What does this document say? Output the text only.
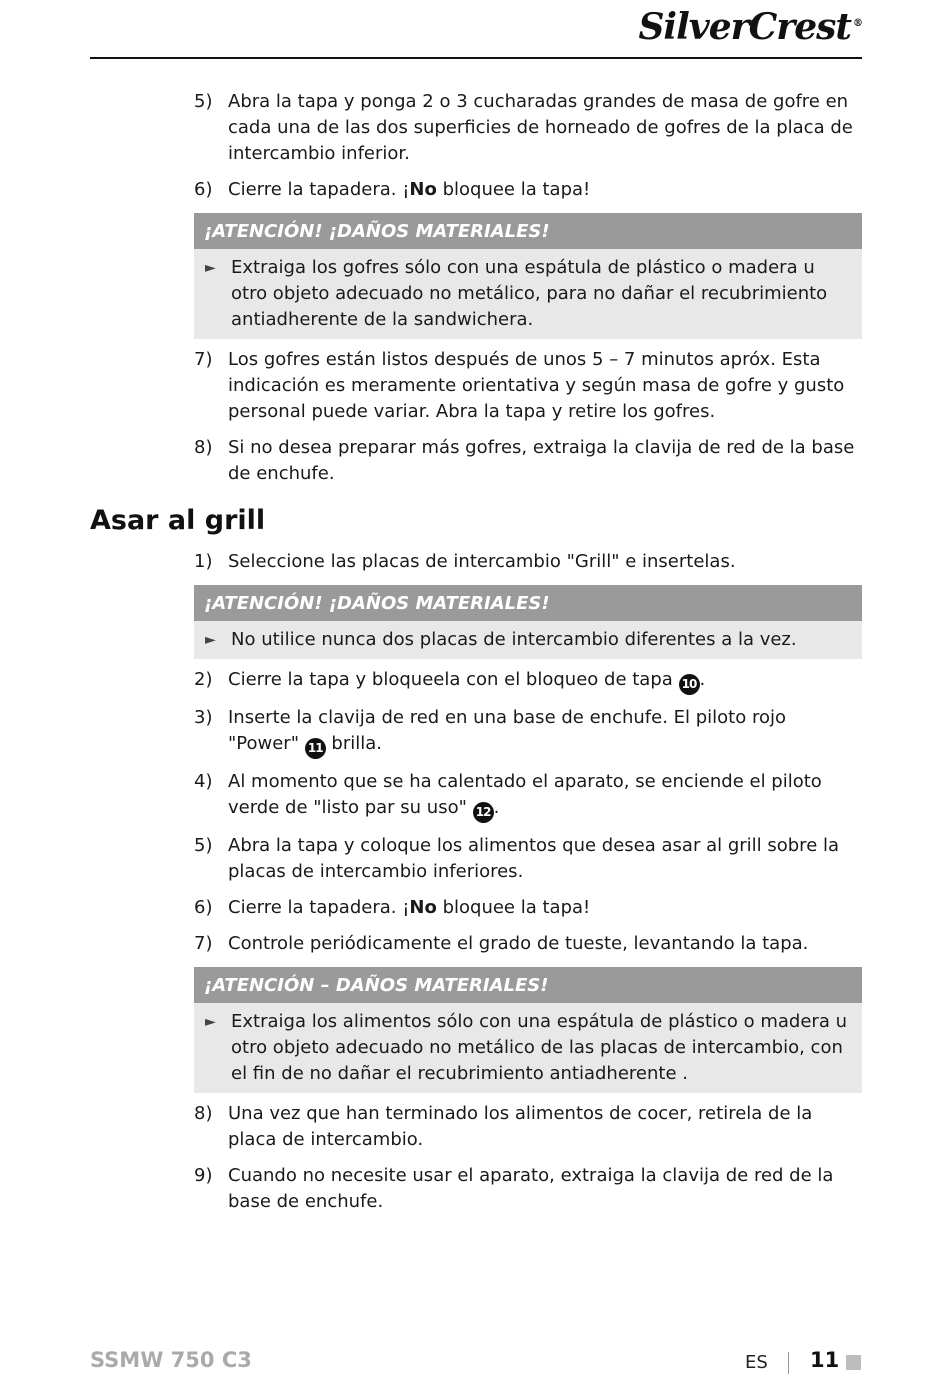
SilverCrest ®
5) Abra la tapa y ponga 2 o 3 cucharadas grandes de masa de gofre en cada una de las dos superficies de horneado de gofres de la placa de intercambio inferior.
6) Cierre la tapadera. ¡No bloquee la tapa!
¡ATENCIÓN! ¡DAÑOS MATERIALES!
► Extraiga los gofres sólo con una espátula de plástico o madera u otro objeto adecuado no metálico, para no dañar el recubrimiento antiadherente de la sandwichera.
7) Los gofres están listos después de unos 5 – 7 minutos apróx. Esta indicación es meramente orientativa y según masa de gofre y gusto personal puede variar. Abra la tapa y retire los gofres.
8) Si no desea preparar más gofres, extraiga la clavija de red de la base de enchufe.
Asar al grill
1) Seleccione las placas de intercambio "Grill" e insertelas.
¡ATENCIÓN! ¡DAÑOS MATERIALES!
► No utilice nunca dos placas de intercambio diferentes a la vez.
2) Cierre la tapa y bloqueela con el bloqueo de tapa 10 .
3) Inserte la clavija de red en una base de enchufe. El piloto rojo "Power" 11 brilla.
4) Al momento que se ha calentado el aparato, se enciende el piloto verde de "listo par su uso" 12 .
5) Abra la tapa y coloque los alimentos que desea asar al grill sobre la placas de intercambio inferiores.
6) Cierre la tapadera. ¡No bloquee la tapa!
7) Controle periódicamente el grado de tueste, levantando la tapa.
¡ATENCIÓN – DAÑOS MATERIALES!
► Extraiga los alimentos sólo con una espátula de plástico o madera u otro objeto adecuado no metálico de las placas de intercambio, con el fin de no dañar el recubrimiento antiadherente .
8) Una vez que han terminado los alimentos de cocer, retirela de la placa de intercambio.
9) Cuando no necesite usar el aparato, extraiga la clavija de red de la base de enchufe.
SSMW 750 C3	ES 11
